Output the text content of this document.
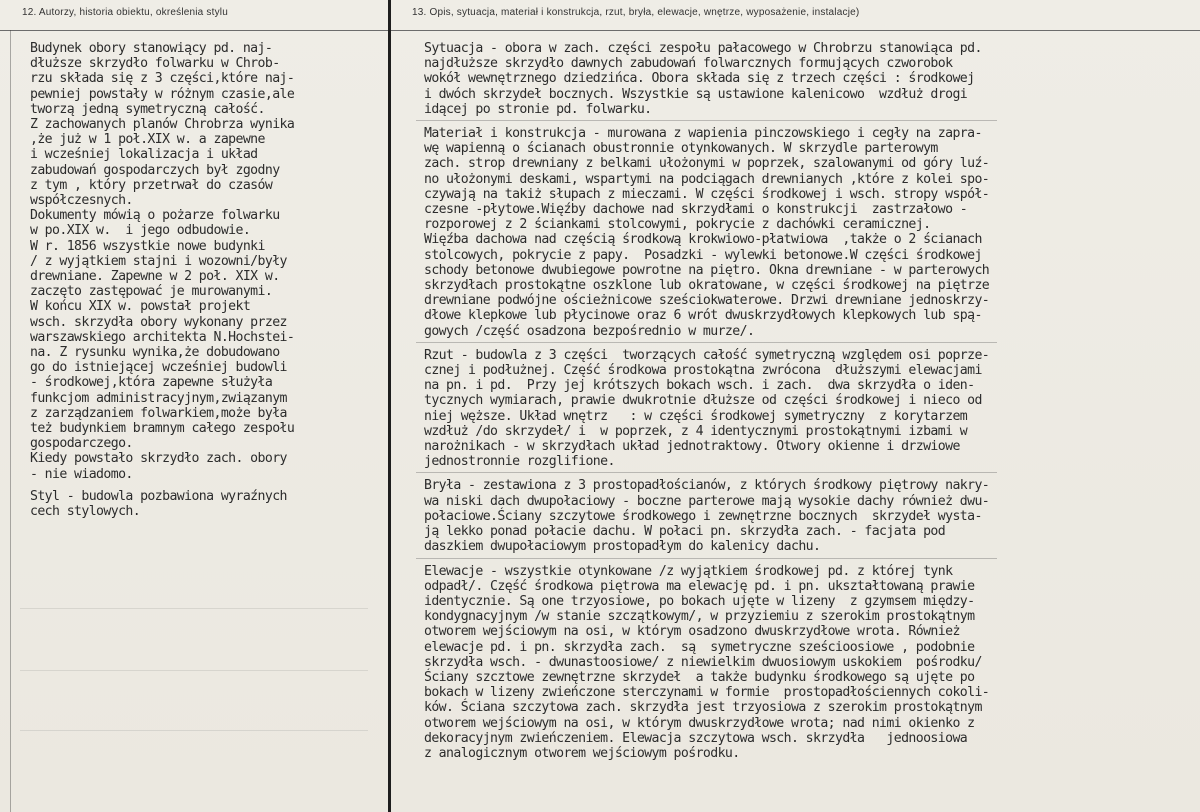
12. Autorzy, historia obiektu, określenia stylu	13. Opis, sytuacja, materiał i konstrukcja, rzut, bryła, elewacje, wnętrze, wyposażenie, instalacje)
Budynek obory stanowiący pd. naj-
dłuższe skrzydło folwarku w Chrob-
rzu składa się z 3 części,które naj-
pewniej powstały w różnym czasie,ale
tworzą jedną symetryczną całość.
Z zachowanych planów Chrobrza wynika
,że już w 1 poł.XIX w. a zapewne
i wcześniej lokalizacja i układ
zabudowań gospodarczych był zgodny
z tym , który przetrwał do czasów
współczesnych.
Dokumenty mówią o pożarze folwarku
w po.XIX w.  i jego odbudowie.
W r. 1856 wszystkie nowe budynki
/ z wyjątkiem stajni i wozowni/były
drewniane. Zapewne w 2 poł. XIX w.
zaczęto zastępować je murowanymi.
W końcu XIX w. powstał projekt
wsch. skrzydła obory wykonany przez
warszawskiego architekta N.Hochstei-
na. Z rysunku wynika,że dobudowano
go do istniejącej wcześniej budowli
- środkowej,która zapewne służyła
funkcjom administracyjnym,związanym
z zarządzaniem folwarkiem,może była
też budynkiem bramnym całego zespołu
gospodarczego.
Kiedy powstało skrzydło zach. obory
- nie wiadomo.
Styl - budowla pozbawiona wyraźnych
cech stylowych.
Sytuacja - obora w zach. części zespołu pałacowego w Chrobrzu stanowiąca pd.
najdłuższe skrzydło dawnych zabudowań folwarcznych formujących czworobok
wokół wewnętrznego dziedzińca. Obora składa się z trzech części : środkowej
i dwóch skrzydeł bocznych. Wszystkie są ustawione kalenicowo  wzdłuż drogi
idącej po stronie pd. folwarku.
Materiał i konstrukcja - murowana z wapienia pinczowskiego i cegły na zapra-
wę wapienną o ścianach obustronnie otynkowanych. W skrzydle parterowym
zach. strop drewniany z belkami ułożonymi w poprzek, szalowanymi od góry luź-
no ułożonymi deskami, wspartymi na podciągach drewnianych ,które z kolei spo-
czywają na takiż słupach z mieczami. W części środkowej i wsch. stropy współ-
czesne -płytowe.Więźby dachowe nad skrzydłami o konstrukcji  zastrzałowo -
rozporowej z 2 ściankami stolcowymi, pokrycie z dachówki ceramicznej.
Więźba dachowa nad częścią środkową krokwiowo-płatwiowa  ,także o 2 ścianach
stolcowych, pokrycie z papy.  Posadzki - wylewki betonowe.W części środkowej
schody betonowe dwubiegowe powrotne na piętro. Okna drewniane - w parterowych
skrzydłach prostokątne oszklone lub okratowane, w części środkowej na piętrze
drewniane podwójne ościeżnicowe sześciokwaterowe. Drzwi drewniane jednoskrzy-
dłowe klepkowe lub płycinowe oraz 6 wrót dwuskrzydłowych klepkowych lub spą-
gowych /część osadzona bezpośrednio w murze/.
Rzut - budowla z 3 części  tworzących całość symetryczną względem osi poprze-
cznej i podłużnej. Część środkowa prostokątna zwrócona  dłuższymi elewacjami
na pn. i pd.  Przy jej krótszych bokach wsch. i zach.  dwa skrzydła o iden-
tycznych wymiarach, prawie dwukrotnie dłuższe od części środkowej i nieco od
niej węższe. Układ wnętrz   : w części środkowej symetryczny  z korytarzem
wzdłuż /do skrzydeł/ i  w poprzek, z 4 identycznymi prostokątnymi izbami w
narożnikach - w skrzydłach układ jednotraktowy. Otwory okienne i drzwiowe
jednostronnie rozglifione.
Bryła - zestawiona z 3 prostopadłościanów, z których środkowy piętrowy nakry-
wa niski dach dwupołaciowy - boczne parterowe mają wysokie dachy również dwu-
połaciowe.Ściany szczytowe środkowego i zewnętrzne bocznych  skrzydeł wysta-
ją lekko ponad połacie dachu. W połaci pn. skrzydła zach. - facjata pod
daszkiem dwupołaciowym prostopadłym do kalenicy dachu.
Elewacje - wszystkie otynkowane /z wyjątkiem środkowej pd. z której tynk
odpadł/. Część środkowa piętrowa ma elewację pd. i pn. ukształtowaną prawie
identycznie. Są one trzyosiowe, po bokach ujęte w lizeny  z gzymsem między-
kondygnacyjnym /w stanie szczątkowym/, w przyziemiu z szerokim prostokątnym
otworem wejściowym na osi, w którym osadzono dwuskrzydłowe wrota. Również
elewacje pd. i pn. skrzydła zach.  są  symetryczne sześcioosiowe , podobnie
skrzydła wsch. - dwunastoosiowe/ z niewielkim dwuosiowym uskokiem  pośrodku/
Ściany szcztowe zewnętrzne skrzydeł  a także budynku środkowego są ujęte po
bokach w lizeny zwieńczone sterczynami w formie  prostopadłościennych cokoli-
ków. Ściana szczytowa zach. skrzydła jest trzyosiowa z szerokim prostokątnym
otworem wejściowym na osi, w którym dwuskrzydłowe wrota; nad nimi okienko z
dekoracyjnym zwieńczeniem. Elewacja szczytowa wsch. skrzydła   jednoosiowa
z analogicznym otworem wejściowym pośrodku.
